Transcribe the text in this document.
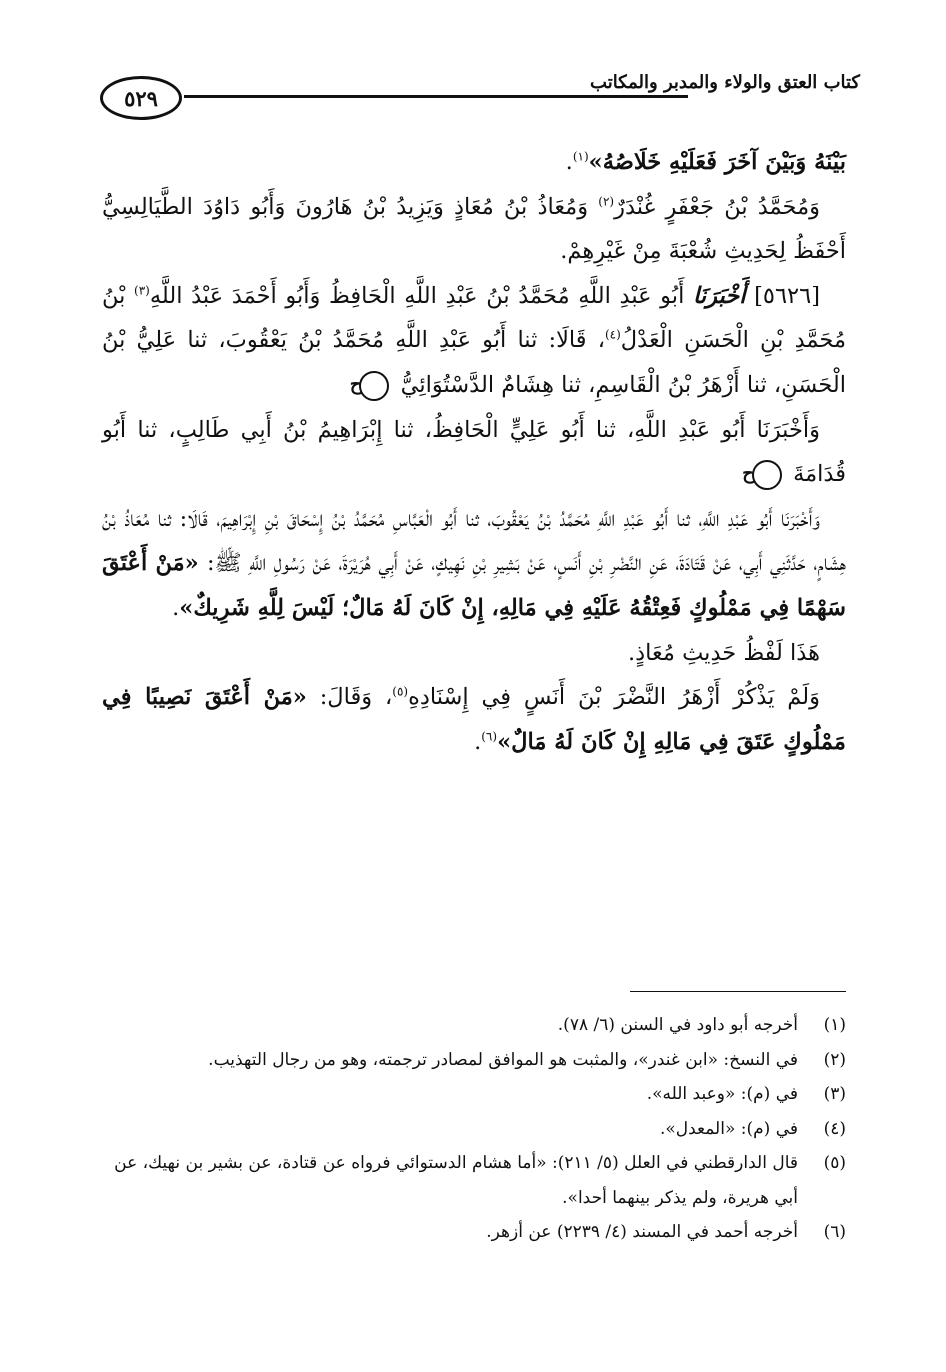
٥٢٩
كتاب العتق والولاء والمدبر والمكاتب

بَيْنَهُ وَبَيْنَ آخَرَ فَعَلَيْهِ خَلَاصُهُ»$^{(١)}$.

وَمُحَمَّدُ بْنُ جَعْفَرٍ غُنْدَرٌ$^{(٢)}$ وَمُعَاذُ بْنُ مُعَاذٍ وَيَزِيدُ بْنُ هَارُونَ وَأَبُو دَاوُدَ الطَّيَالِسِيُّ أَحْفَظُ لِحَدِيثِ شُعْبَةَ مِنْ غَيْرِهِمْ.

[٥٦٢٦] أَخْبَرَنَا أَبُو عَبْدِ اللَّهِ مُحَمَّدُ بْنُ عَبْدِ اللَّهِ الْحَافِظُ وَأَبُو أَحْمَدَ عَبْدُ اللَّهِ$^{(٣)}$ بْنُ مُحَمَّدِ بْنِ الْحَسَنِ الْعَدْلُ$^{(٤)}$، قَالَا: ثنا أَبُو عَبْدِ اللَّهِ مُحَمَّدُ بْنُ يَعْقُوبَ، ثنا عَلِيُّ بْنُ الْحَسَنِ، ثنا أَزْهَرُ بْنُ الْقَاسِمِ، ثنا هِشَامٌ الدَّسْتُوَائِيُّ ح

وَأَخْبَرَنَا أَبُو عَبْدِ اللَّهِ، ثنا أَبُو عَلِيٍّ الْحَافِظُ، ثنا إِبْرَاهِيمُ بْنُ أَبِي طَالِبٍ، ثنا أَبُو قُدَامَةَ ح

وَأَخْبَرَنَا أَبُو عَبْدِ اللَّهِ، ثنا أَبُو عَبْدِ اللَّهِ مُحَمَّدُ بْنُ يَعْقُوبَ، ثنا أَبُو الْعَبَّاسِ مُحَمَّدُ بْنُ إِسْحَاقَ بْنِ إِبْرَاهِيمَ، قَالَا: ثنا مُعَاذُ بْنُ هِشَامٍ، حَدَّثَنِي أَبِي، عَنْ قَتَادَةَ، عَنِ النَّضْرِ بْنِ أَنَسٍ، عَنْ بَشِيرِ بْنِ نَهِيكٍ، عَنْ أَبِي هُرَيْرَةَ، عَنْ رَسُولِ اللَّهِ ﷺ: «مَنْ أَعْتَقَ سَهْمًا فِي مَمْلُوكٍ فَعِتْقُهُ عَلَيْهِ فِي مَالِهِ، إِنْ كَانَ لَهُ مَالٌ؛ لَيْسَ لِلَّهِ شَرِيكٌ».

هَذَا لَفْظُ حَدِيثِ مُعَاذٍ.

وَلَمْ يَذْكُرْ أَزْهَرُ النَّضْرَ بْنَ أَنَسٍ فِي إِسْنَادِهِ$^{(٥)}$، وَقَالَ: «مَنْ أَعْتَقَ نَصِيبًا فِي مَمْلُوكٍ عَتَقَ فِي مَالِهِ إِنْ كَانَ لَهُ مَالٌ»$^{(٦)}$.

(١)
أخرجه أبو داود في السنن (٦/ ٧٨).
(٢)
في النسخ: «ابن غندر»، والمثبت هو الموافق لمصادر ترجمته، وهو من رجال التهذيب.
(٣)
في (م): «وعبد الله».
(٤)
في (م): «المعدل».
(٥)
قال الدارقطني في العلل (٥/ ٢١١): «أما هشام الدستوائي فرواه عن قتادة، عن بشير بن نهيك، عن أبي هريرة، ولم يذكر بينهما أحدا».
(٦)
أخرجه أحمد في المسند (٤/ ٢٢٣٩) عن أزهر.
